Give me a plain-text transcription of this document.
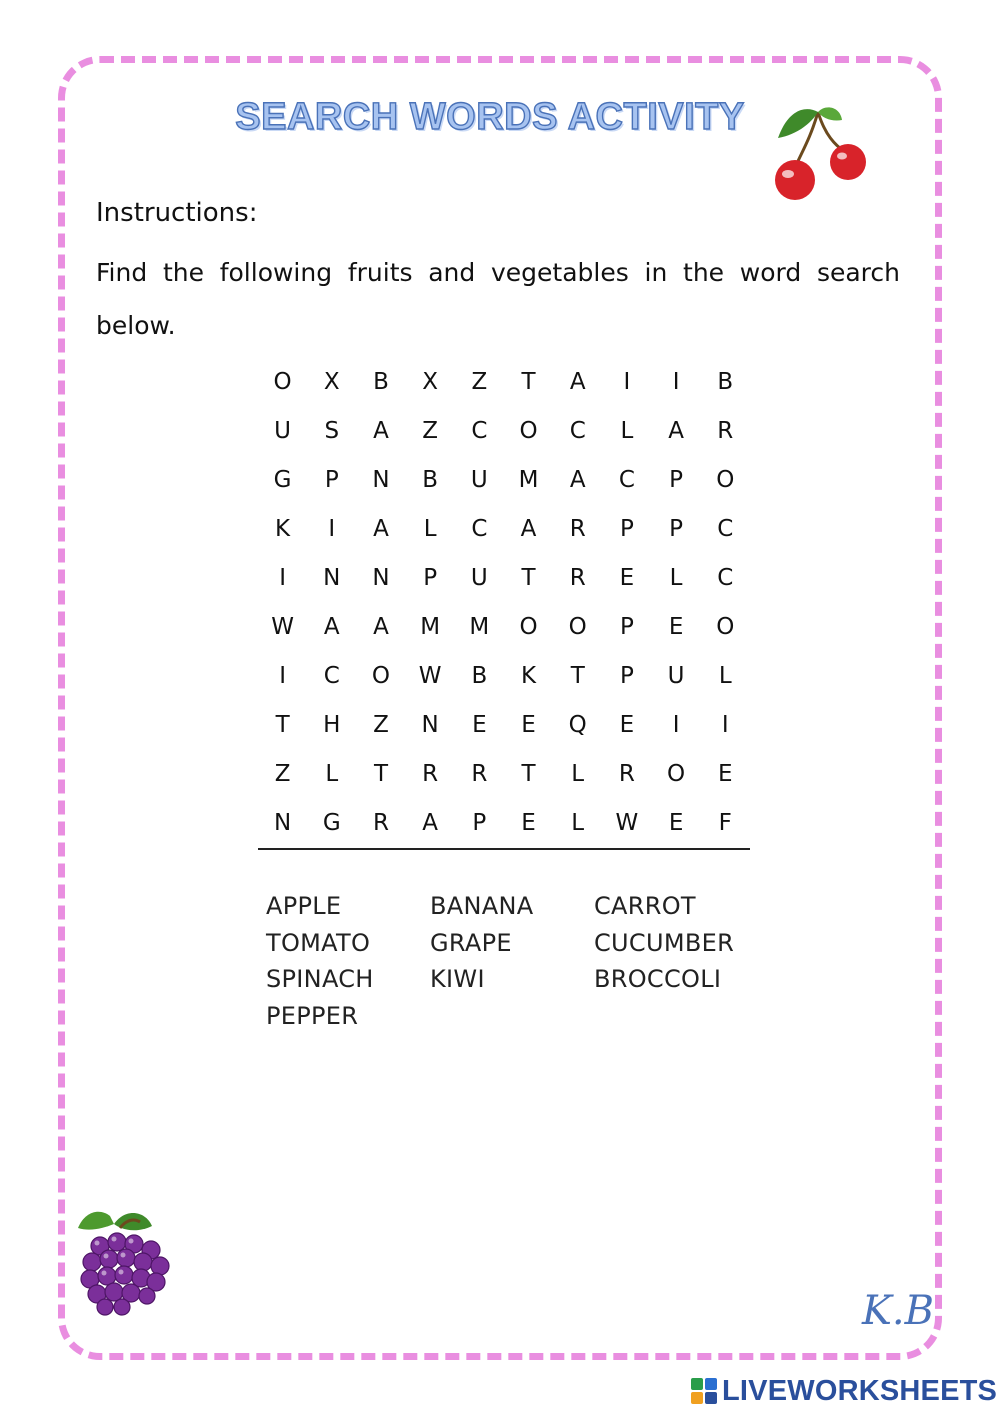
SEARCH WORDS ACTIVITY
Instructions:
Find the following fruits and vegetables in the word search below.
O	X	B	X	Z	T	A	I	I	B
U	S	A	Z	C	O	C	L	A	R
G	P	N	B	U	M	A	C	P	O
K	I	A	L	C	A	R	P	P	C
I	N	N	P	U	T	R	E	L	C
W	A	A	M	M	O	O	P	E	O
I	C	O	W	B	K	T	P	U	L
T	H	Z	N	E	E	Q	E	I	I
Z	L	T	R	R	T	L	R	O	E
N	G	R	A	P	E	L	W	E	F
APPLE	BANANA	CARROT
TOMATO	GRAPE	CUCUMBER
SPINACH	KIWI	BROCCOLI
PEPPER
K.B
LIVEWORKSHEETS
